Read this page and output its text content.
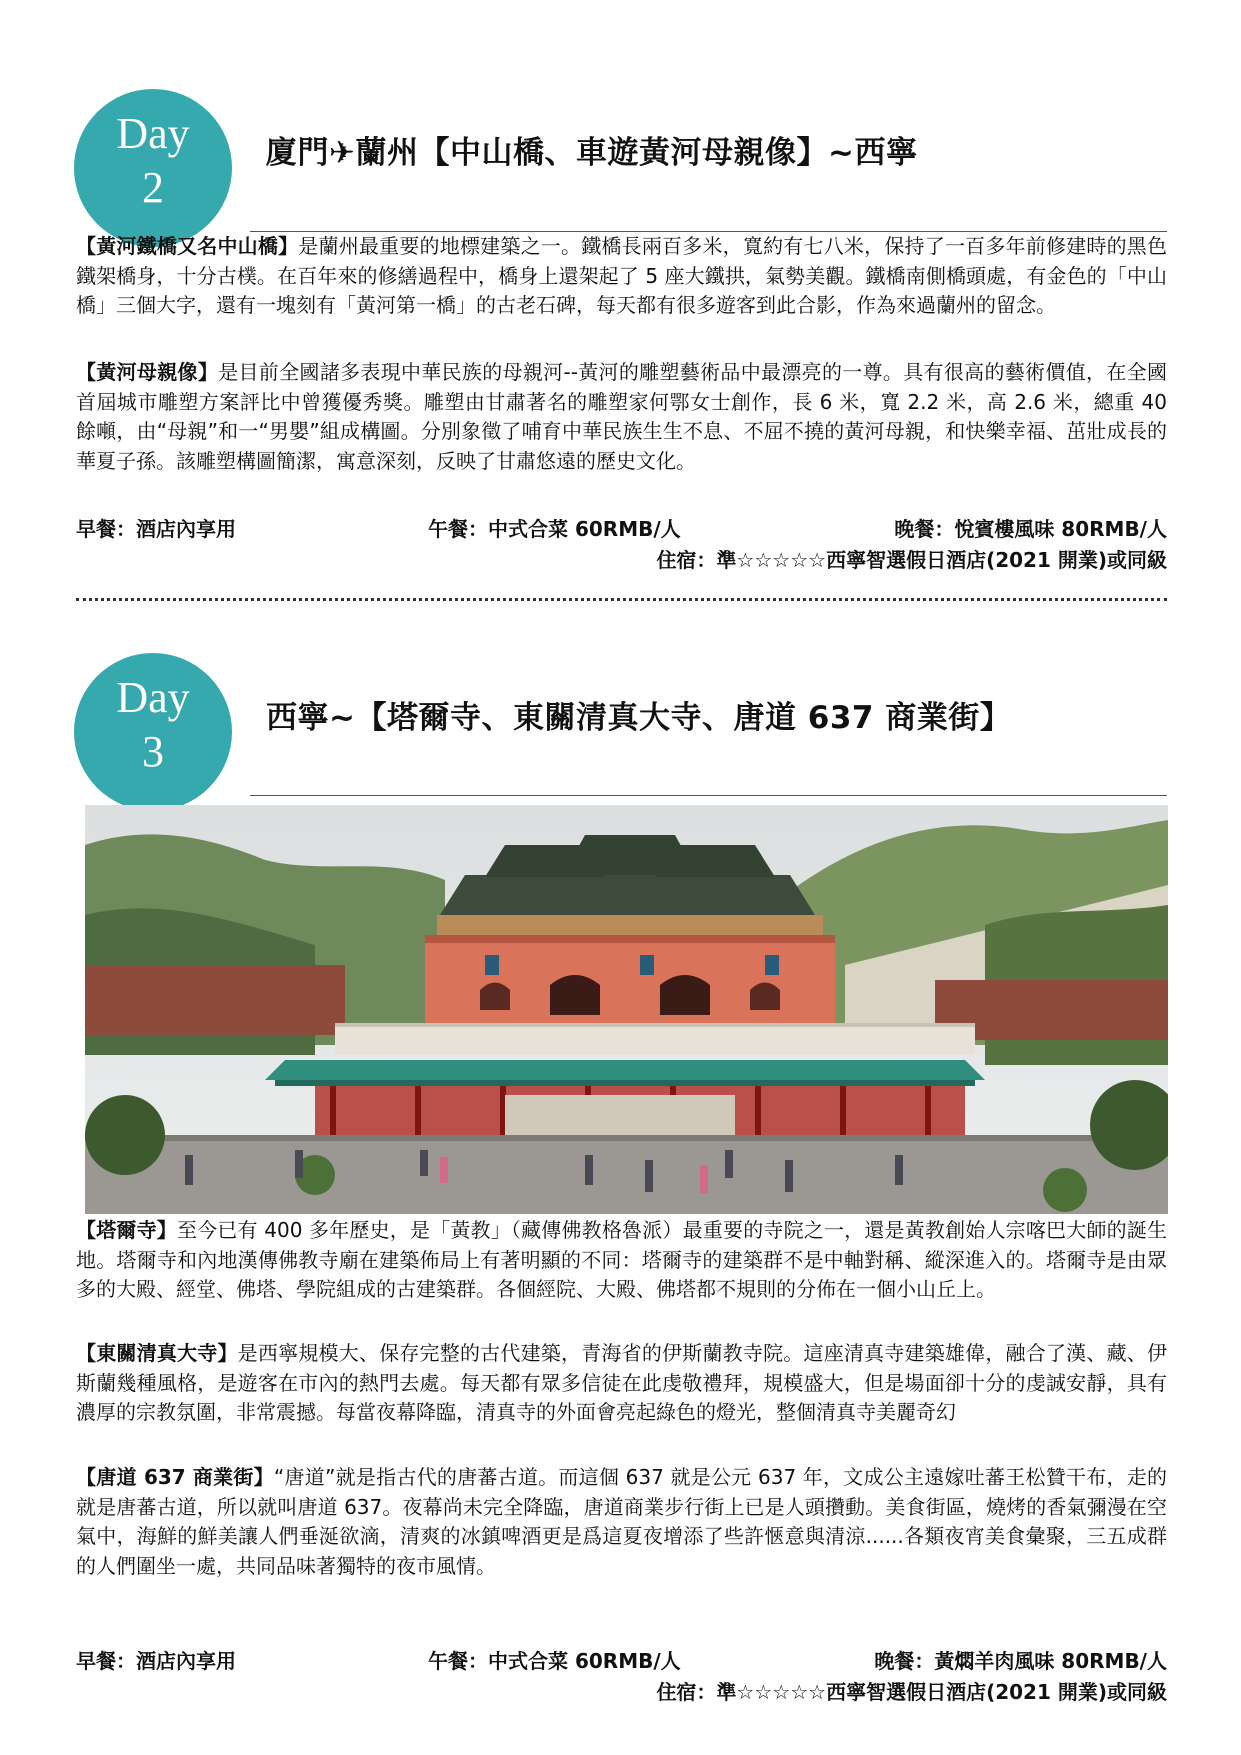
Day
2
廈門✈蘭州【中山橋、車遊黃河母親像】~西寧

【黃河鐵橋又名中山橋】是蘭州最重要的地標建築之一。鐵橋長兩百多米，寬約有七八米，保持了一百多年前修建時的黑色鐵架橋身，十分古樸。在百年來的修繕過程中，橋身上還架起了 5 座大鐵拱，氣勢美觀。鐵橋南側橋頭處，有金色的「中山橋」三個大字，還有一塊刻有「黃河第一橋」的古老石碑，每天都有很多遊客到此合影，作為來過蘭州的留念。

【黃河母親像】是目前全國諸多表現中華民族的母親河--黃河的雕塑藝術品中最漂亮的一尊。具有很高的藝術價值，在全國首屆城市雕塑方案評比中曾獲優秀獎。雕塑由甘肅著名的雕塑家何鄂女士創作，長 6 米，寬 2.2 米，高 2.6 米，總重 40 餘噸，由“母親”和一“男嬰”組成構圖。分別象徵了哺育中華民族生生不息、不屈不撓的黃河母親，和快樂幸福、茁壯成長的華夏子孫。該雕塑構圖簡潔，寓意深刻，反映了甘肅悠遠的歷史文化。

早餐：酒店內享用	午餐：中式合菜 60RMB/人	晚餐：悅賓樓風味 80RMB/人
住宿：準☆☆☆☆☆西寧智選假日酒店(2021 開業)或同級
Day
3
西寧~【塔爾寺、東關清真大寺、唐道 637 商業街】

【塔爾寺】至今已有 400 多年歷史，是「黃教」（藏傳佛教格魯派）最重要的寺院之一，還是黃教創始人宗喀巴大師的誕生地。塔爾寺和內地漢傳佛教寺廟在建築佈局上有著明顯的不同：塔爾寺的建築群不是中軸對稱、縱深進入的。塔爾寺是由眾多的大殿、經堂、佛塔、學院組成的古建築群。各個經院、大殿、佛塔都不規則的分佈在一個小山丘上。

【東關清真大寺】是西寧規模大、保存完整的古代建築，青海省的伊斯蘭教寺院。這座清真寺建築雄偉，融合了漢、藏、伊斯蘭幾種風格，是遊客在市內的熱門去處。每天都有眾多信徒在此虔敬禮拜，規模盛大，但是場面卻十分的虔誠安靜，具有濃厚的宗教氛圍，非常震撼。每當夜幕降臨，清真寺的外面會亮起綠色的燈光，整個清真寺美麗奇幻

【唐道 637 商業街】“唐道”就是指古代的唐蕃古道。而這個 637 就是公元 637 年，文成公主遠嫁吐蕃王松贊干布，走的就是唐蕃古道，所以就叫唐道 637。夜幕尚未完全降臨，唐道商業步行街上已是人頭攢動。美食街區，燒烤的香氣彌漫在空氣中，海鮮的鮮美讓人們垂涎欲滴，清爽的冰鎮啤酒更是爲這夏夜增添了些許愜意與清涼......各類夜宵美食彙聚，三五成群的人們圍坐一處，共同品味著獨特的夜市風情。

早餐：酒店內享用	午餐：中式合菜 60RMB/人	晚餐：黃燜羊肉風味 80RMB/人
住宿：準☆☆☆☆☆西寧智選假日酒店(2021 開業)或同級
